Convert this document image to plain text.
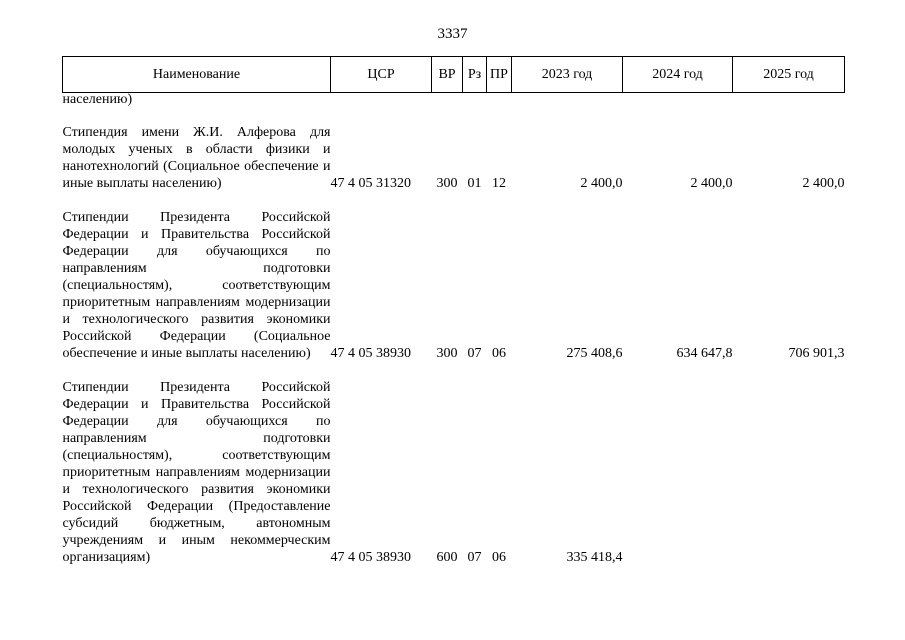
3337
Наименование	ЦСР	ВР	Рз	ПР	2023 год	2024 год	2025 год
населению)							

Стипендия имени Ж.И. Алферова для молодых ученых в области физики и нанотехнологий (Социальное обеспечение и иные выплаты населению)	47 4 05 31320	300	01	12	2 400,0	2 400,0	2 400,0

Стипендии Президента Российской Федерации и Правительства Российской Федерации для обучающихся по направлениям подготовки (специальностям), соответствующим приоритетным направлениям модернизации и технологического развития экономики Российской Федерации (Социальное обеспечение и иные выплаты населению)	47 4 05 38930	300	07	06	275 408,6	634 647,8	706 901,3

Стипендии Президента Российской Федерации и Правительства Российской Федерации для обучающихся по направлениям подготовки (специальностям), соответствующим приоритетным направлениям модернизации и технологического развития экономики Российской Федерации (Предоставление субсидий бюджетным, автономным учреждениям и иным некоммерческим организациям)	47 4 05 38930	600	07	06	335 418,4		
